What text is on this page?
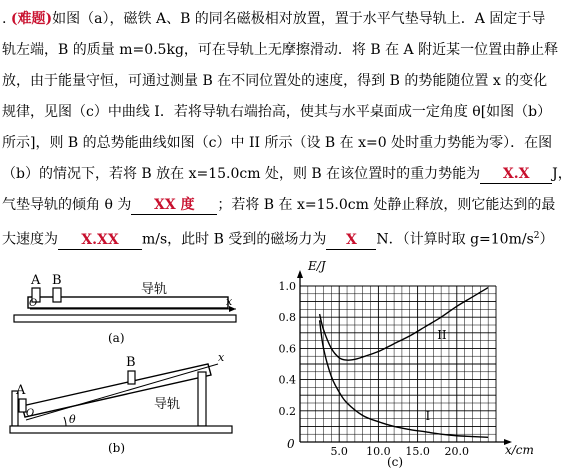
. (难题)如图（a），磁铁 A、B 的同名磁极相对放置，置于水平气垫导轨上．A 固定于导
轨左端，B 的质量 m=0.5kg，可在导轨上无摩擦滑动．将 B 在 A 附近某一位置由静止释
放，由于能量守恒，可通过测量 B 在不同位置处的速度，得到 B 的势能随位置 x 的变化
规律，见图（c）中曲线 I．若将导轨右端抬高，使其与水平桌面成一定角度 θ[如图（b）
所示]，则 B 的总势能曲线如图（c）中 II 所示（设 B 在 x=0 处时重力势能为零）．在图
（b）的情况下，若将 B 放在 x=15.0cm 处，则 B 在该位置时的重力势能为 X.X J，
气垫导轨的倾角 θ 为 XX 度 ；若将 B 在 x=15.0cm 处静止释放，则它能达到的最
大速度为 X.XX m/s，此时 B 受到的磁场力为 X N．（计算时取 $g=10m/s^2$）
A B
O
导轨
x
(a)
A
B
O	θ
导轨
x
(b)	5.0 10.0 15.0 20.0
0.2
0.4
0.6
0.8
1.0
I
II
E/J
x/cm
0
(c)
